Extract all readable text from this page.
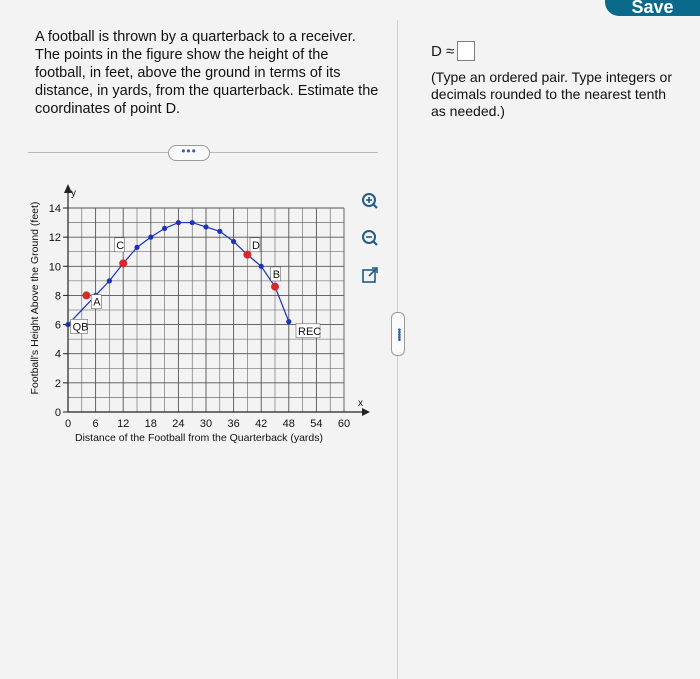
Save
A football is thrown by a quarterback to a receiver. The points in the figure show the height of the football, in feet, above the ground in terms of its distance, in yards, from the quarterback. Estimate the coordinates of point D.
•••
x
y
0 6 12 18 24 30 36 42 48 54 60
0
2
4
6
8
10
12
14
QB
A
C	D
B
REC
Football's Height Above the Ground (feet)
Distance of the Football from the Quarterback (yards)
•••••
D ≈
(Type an ordered pair. Type integers or decimals rounded to the nearest tenth as needed.)
